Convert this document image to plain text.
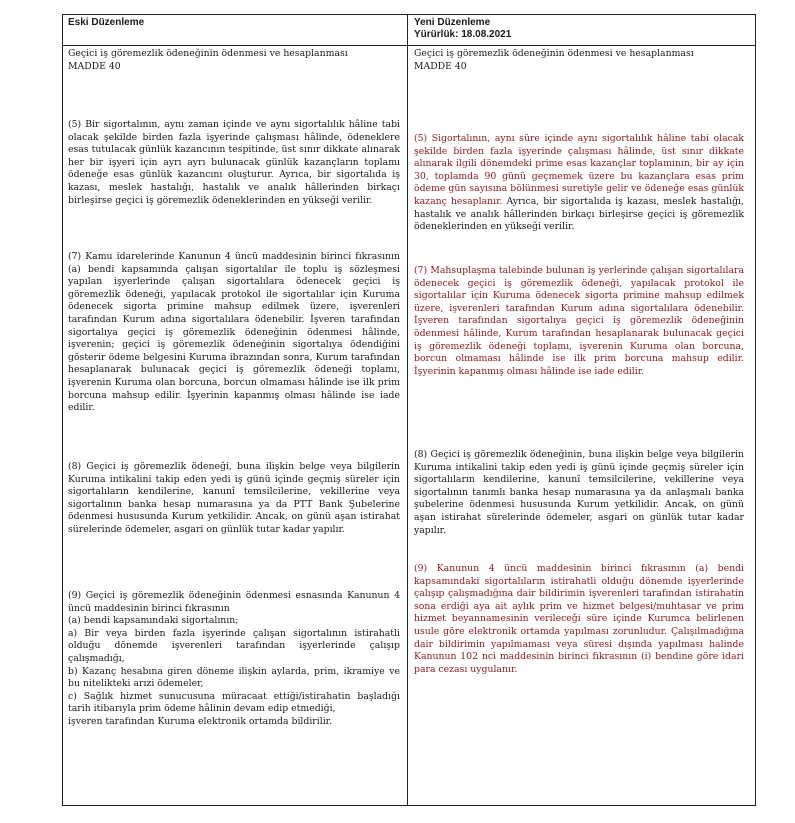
Eski Düzenleme
Geçici iş göremezlik ödeneğinin ödenmesi ve hesaplanması
MADDE 40

(5) Bir sigortalının, aynı zaman içinde ve aynı sigortalılık hâline tabi olacak şekilde birden fazla işyerinde çalışması hâlinde, ödeneklere esas tutulacak günlük kazancının tespitinde, üst sınır dikkate alınarak her bir işyeri için ayrı ayrı bulunacak günlük kazançların toplamı ödeneğe esas günlük kazancını oluşturur. Ayrıca, bir sigortalıda iş kazası, meslek hastalığı, hastalık ve analık hâllerinden birkaçı birleşirse geçici iş göremezlik ödeneklerinden en yükseği verilir.

(7) Kamu idarelerinde Kanunun 4 üncü maddesinin birinci fıkrasının (a) bendi kapsamında çalışan sigortalılar ile toplu iş sözleşmesi yapılan işyerlerinde çalışan sigortalılara ödenecek geçici iş göremezlik ödeneği, yapılacak protokol ile sigortalılar için Kuruma ödenecek sigorta primine mahsup edilmek üzere, işverenleri tarafından Kurum adına sigortalılara ödenebilir. İşveren tarafından sigortalıya geçici iş göremezlik ödeneğinin ödenmesi hâlinde, işverenin; geçici iş göremezlik ödeneğinin sigortalıya ödendiğini gösterir ödeme belgesini Kuruma ibrazından sonra, Kurum tarafından hesaplanarak bulunacak geçici iş göremezlik ödeneği toplamı, işverenin Kuruma olan borcuna, borcun olmaması hâlinde ise ilk prim borcuna mahsup edilir. İşyerinin kapanmış olması hâlinde ise iade edilir.

(8) Geçici iş göremezlik ödeneği, buna ilişkin belge veya bilgilerin Kuruma intikalini takip eden yedi iş günü içinde geçmiş süreler için sigortalıların kendilerine, kanunî temsilcilerine, vekillerine veya sigortalının banka hesap numarasına ya da PTT Bank Şubelerine ödenmesi hususunda Kurum yetkilidir. Ancak, on günü aşan istirahat sürelerinde ödemeler, asgari on günlük tutar kadar yapılır.

(9) Geçici iş göremezlik ödeneğinin ödenmesi esnasında Kanunun 4 üncü maddesinin birinci fıkrasının
(a) bendi kapsamındaki sigortalının;
a) Bir veya birden fazla işyerinde çalışan sigortalının istirahatli olduğu dönemde işverenleri tarafından işyerlerinde çalışıp çalışmadığı,
b) Kazanç hesabına giren döneme ilişkin aylarda, prim, ikramiye ve bu nitelikteki arızi ödemeler,
c) Sağlık hizmet sunucusuna müracaat ettiği/istirahatin başladığı tarih itibarıyla prim ödeme hâlinin devam edip etmediği,
işveren tarafından Kuruma elektronik ortamda bildirilir.
Yeni Düzenleme
Yürürlük: 18.08.2021
Geçici iş göremezlik ödeneğinin ödenmesi ve hesaplanması
MADDE 40
(5) Sigortalının, aynı süre içinde aynı sigortalılık hâline tabi olacak şekilde birden fazla işyerinde çalışması hâlinde, üst sınır dikkate alınarak ilgili dönemdeki prime esas kazançlar toplamının, bir ay için 30, toplamda 90 günü geçmemek üzere bu kazançlara esas prim ödeme gün sayısına bölünmesi suretiyle gelir ve ödeneğe esas günlük kazanç hesaplanır. Ayrıca, bir sigortalıda iş kazası, meslek hastalığı, hastalık ve analık hâllerinden birkaçı birleşirse geçici iş göremezlik ödeneklerinden en yükseği verilir.

(7) Mahsuplaşma talebinde bulunan iş yerlerinde çalışan sigortalılara ödenecek geçici iş göremezlik ödeneği, yapılacak protokol ile sigortalılar için Kuruma ödenecek sigorta primine mahsup edilmek üzere, işverenleri tarafından Kurum adına sigortalılara ödenebilir. İşveren tarafından sigortalıya geçici iş göremezlik ödeneğinin ödenmesi hâlinde, Kurum tarafından hesaplanarak bulunacak geçici iş göremezlik ödeneği toplamı, işverenin Kuruma olan borcuna, borcun olmaması hâlinde ise ilk prim borcuna mahsup edilir. İşyerinin kapanmış olması hâlinde ise iade edilir.

(8) Geçici iş göremezlik ödeneğinin, buna ilişkin belge veya bilgilerin Kuruma intikalini takip eden yedi iş günü içinde geçmiş süreler için sigortalıların kendilerine, kanunî temsilcilerine, vekillerine veya sigortalının tanımlı banka hesap numarasına ya da anlaşmalı banka şubelerine ödenmesi hususunda Kurum yetkilidir. Ancak, on günü aşan istirahat sürelerinde ödemeler, asgari on günlük tutar kadar yapılır.

(9) Kanunun 4 üncü maddesinin birinci fıkrasının (a) bendi kapsamındaki sigortalıların istirahatli olduğu dönemde işyerlerinde çalışıp çalışmadığına dair bildirimin işverenleri tarafından istirahatin sona erdiği aya ait aylık prim ve hizmet belgesi/muhtasar ve prim hizmet beyannamesinin verileceği süre içinde Kurumca belirlenen usule göre elektronik ortamda yapılması zorunludur. Çalışılmadığına dair bildirimin yapılmaması veya süresi dışında yapılması halinde Kanunun 102 nci maddesinin birinci fıkrasının (i) bendine göre idari para cezası uygulanır.
